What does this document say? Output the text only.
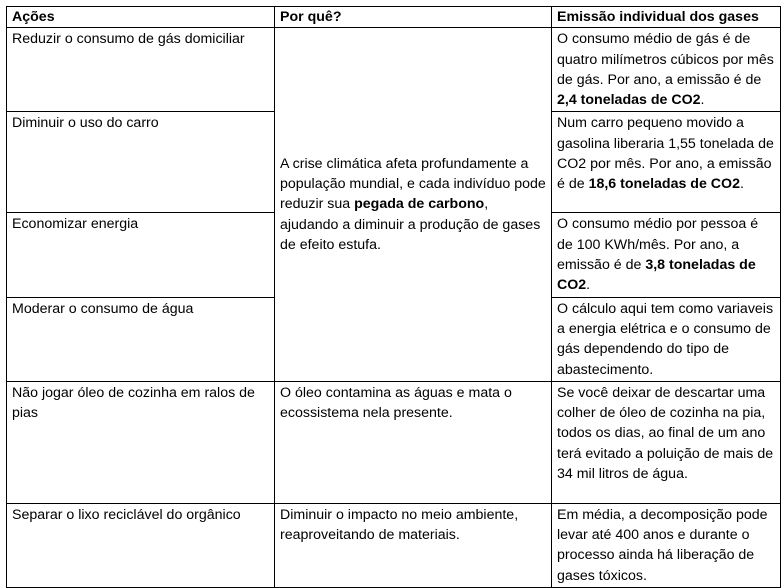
Ações	Por quê?	Emissão individual dos gases
Reduzir o consumo de gás domiciliar	A crise climática afeta profundamente a população mundial, e cada indivíduo pode reduzir sua pegada de carbono, ajudando a diminuir a produção de gases de efeito estufa.	O consumo médio de gás é de quatro milímetros cúbicos por mês de gás. Por ano, a emissão é de 2,4 toneladas de CO2.
Diminuir o uso do carro		Num carro pequeno movido a gasolina liberaria 1,55 tonelada de CO2 por mês. Por ano, a emissão é de 18,6 toneladas de CO2.
Economizar energia		O consumo médio por pessoa é de 100 KWh/mês. Por ano, a emissão é de 3,8 toneladas de CO2.
Moderar o consumo de água		O cálculo aqui tem como variaveis a energia elétrica e o consumo de gás dependendo do tipo de abastecimento.
Não jogar óleo de cozinha em ralos de pias	O óleo contamina as águas e mata o ecossistema nela presente.	Se você deixar de descartar uma colher de óleo de cozinha na pia, todos os dias, ao final de um ano terá evitado a poluição de mais de 34 mil litros de água.
Separar o lixo reciclável do orgânico	Diminuir o impacto no meio ambiente, reaproveitando de materiais.	Em média, a decomposição pode levar até 400 anos e durante o processo ainda há liberação de gases tóxicos.
